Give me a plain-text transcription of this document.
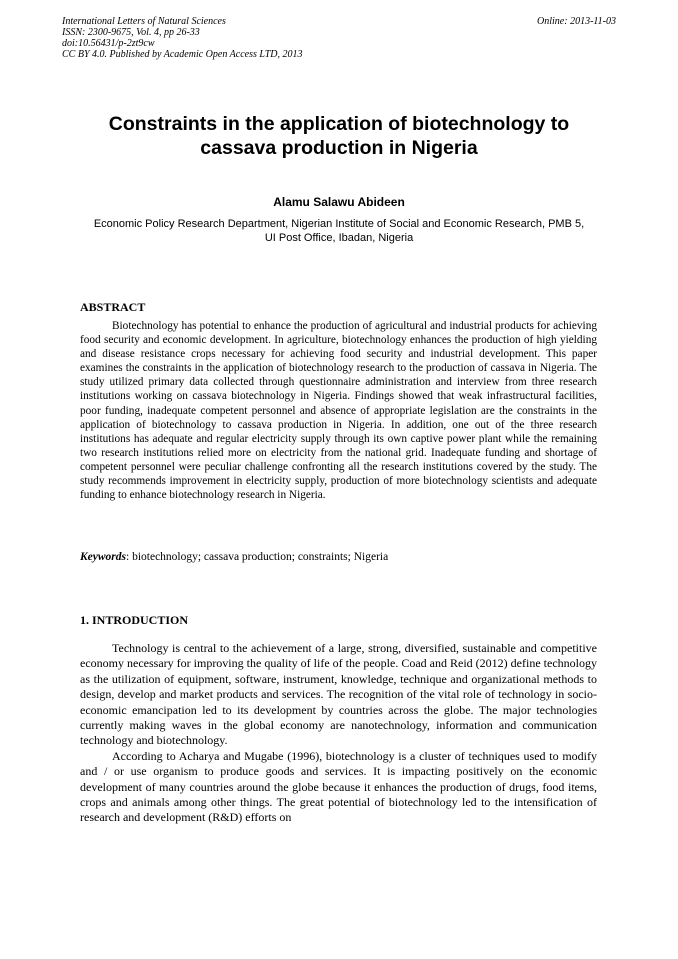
International Letters of Natural Sciences
ISSN: 2300-9675, Vol. 4, pp 26-33
doi:10.56431/p-2zt9cw
CC BY 4.0. Published by Academic Open Access LTD, 2013
Online: 2013-11-03
Constraints in the application of biotechnology to
cassava production in Nigeria
Alamu Salawu Abideen
Economic Policy Research Department, Nigerian Institute of Social and Economic Research, PMB 5,
UI Post Office, Ibadan, Nigeria
ABSTRACT

Biotechnology has potential to enhance the production of agricultural and industrial products for achieving food security and economic development. In agriculture, biotechnology enhances the production of high yielding and disease resistance crops necessary for achieving food security and industrial development. This paper examines the constraints in the application of biotechnology research to the production of cassava in Nigeria. The study utilized primary data collected through questionnaire administration and interview from three research institutions working on cassava biotechnology in Nigeria. Findings showed that weak infrastructural facilities, poor funding, inadequate competent personnel and absence of appropriate legislation are the constraints in the application of biotechnology to cassava production in Nigeria. In addition, one out of the three research institutions has adequate and regular electricity supply through its own captive power plant while the remaining two research institutions relied more on electricity from the national grid. Inadequate funding and shortage of competent personnel were peculiar challenge confronting all the research institutions covered by the study. The study recommends improvement in electricity supply, production of more biotechnology scientists and adequate funding to enhance biotechnology research in Nigeria.

Keywords: biotechnology; cassava production; constraints; Nigeria
1. INTRODUCTION

Technology is central to the achievement of a large, strong, diversified, sustainable and competitive economy necessary for improving the quality of life of the people. Coad and Reid (2012) define technology as the utilization of equipment, software, instrument, knowledge, technique and organizational methods to design, develop and market products and services. The recognition of the vital role of technology in socio-economic emancipation led to its development by countries across the globe. The major technologies currently making waves in the global economy are nanotechnology, information and communication technology and biotechnology.

According to Acharya and Mugabe (1996), biotechnology is a cluster of techniques used to modify and / or use organism to produce goods and services. It is impacting positively on the economic development of many countries around the globe because it enhances the production of drugs, food items, crops and animals among other things. The great potential of biotechnology led to the intensification of research and development (R&D) efforts on
